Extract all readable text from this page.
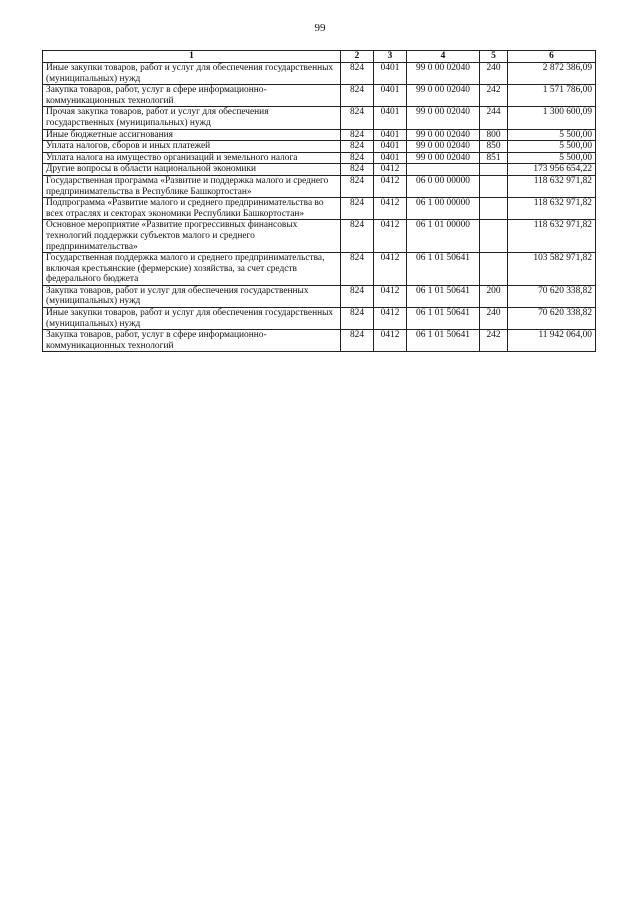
99
1	2	3	4	5	6
Иные закупки товаров, работ и услуг для обеспечения государственных (муниципальных) нужд	824	0401	99 0 00 02040	240	2 872 386,09
Закупка товаров, работ, услуг в сфере информационно-коммуникационных технологий	824	0401	99 0 00 02040	242	1 571 786,00
Прочая закупка товаров, работ и услуг для обеспечения государственных (муниципальных) нужд	824	0401	99 0 00 02040	244	1 300 600,09
Иные бюджетные ассигнования	824	0401	99 0 00 02040	800	5 500,00
Уплата налогов, сборов и иных платежей	824	0401	99 0 00 02040	850	5 500,00
Уплата налога на имущество организаций и земельного налога	824	0401	99 0 00 02040	851	5 500,00
Другие вопросы в области национальной экономики	824	0412			173 956 654,22
Государственная программа «Развитие и поддержка малого и среднего предпринимательства в Республике Башкортостан»	824	0412	06 0 00 00000		118 632 971,82
Подпрограмма «Развитие малого и среднего предпринимательства во всех отраслях и секторах экономики Республики Башкортостан»	824	0412	06 1 00 00000		118 632 971,82
Основное мероприятие «Развитие прогрессивных финансовых технологий поддержки субъектов малого и среднего предпринимательства»	824	0412	06 1 01 00000		118 632 971,82
Государственная поддержка малого и среднего предпринимательства, включая крестьянские (фермерские) хозяйства, за счет средств федерального бюджета	824	0412	06 1 01 50641		103 582 971,82
Закупка товаров, работ и услуг для обеспечения государственных (муниципальных) нужд	824	0412	06 1 01 50641	200	70 620 338,82
Иные закупки товаров, работ и услуг для обеспечения государственных (муниципальных) нужд	824	0412	06 1 01 50641	240	70 620 338,82
Закупка товаров, работ, услуг в сфере информационно-коммуникационных технологий	824	0412	06 1 01 50641	242	11 942 064,00
